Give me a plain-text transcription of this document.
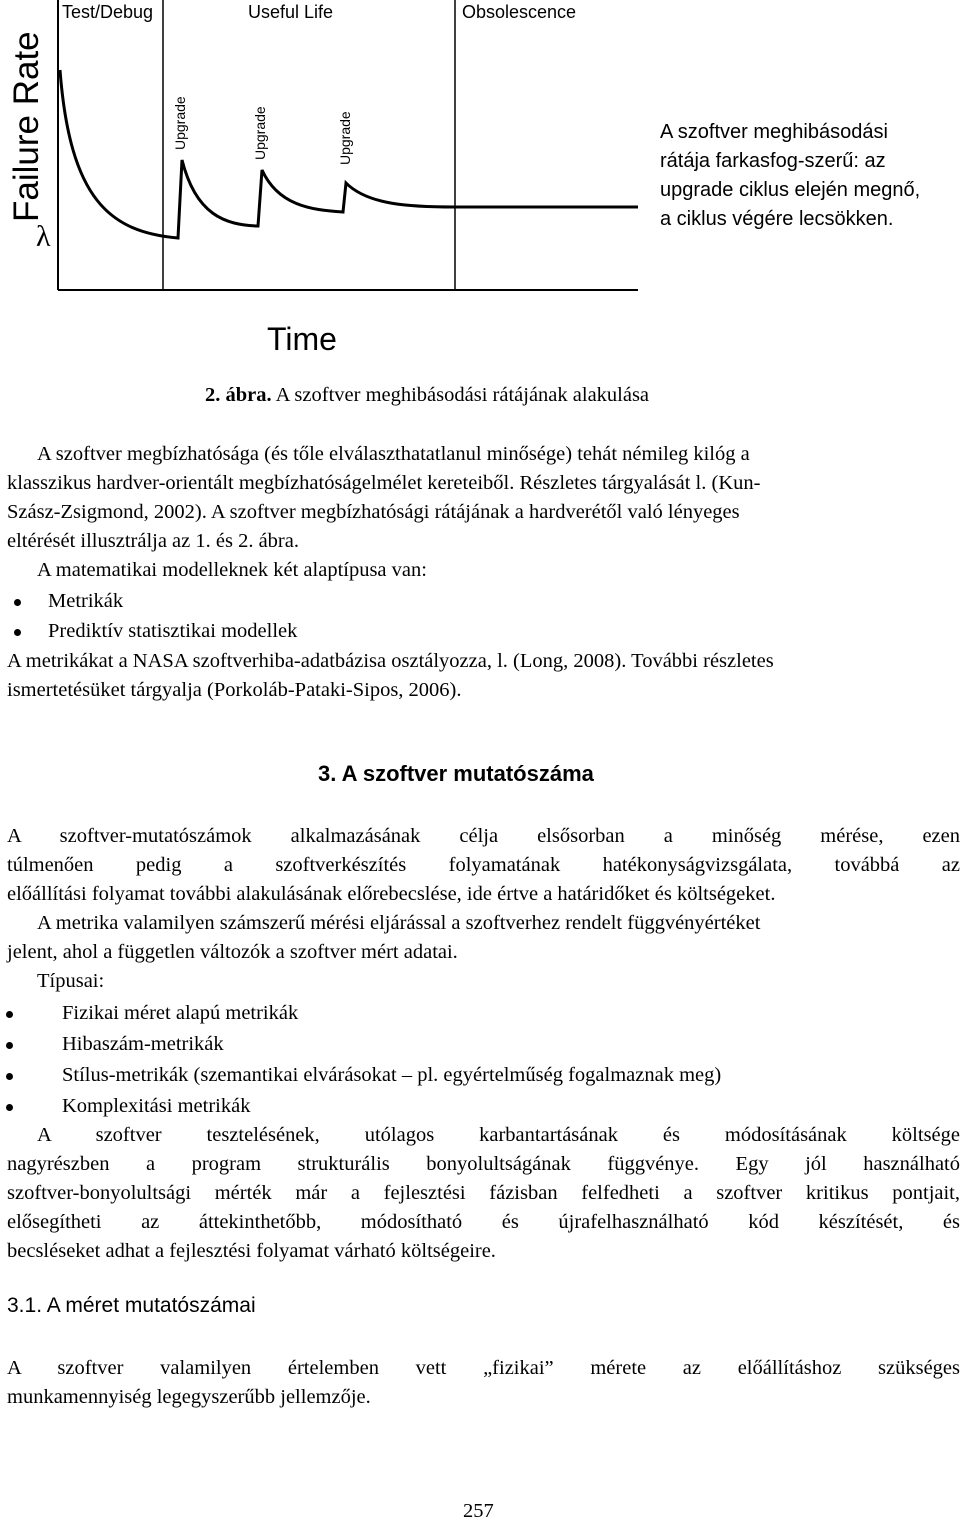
Test/Debug	Useful Life	Obsolescence
Failure Rate
λ
Time
Upgrade	Upgrade	Upgrade	A szoftver meghibásodási
rátája farkasfog-szerű: az
upgrade ciklus elején megnő,
a ciklus végére lecsökken.
2. ábra. A szoftver meghibásodási rátájának alakulása
A szoftver megbízhatósága (és tőle elválaszthatatlanul minősége) tehát némileg kilóg a
klasszikus hardver-orientált megbízhatóságelmélet kereteiből. Részletes tárgyalását l. (Kun-
Szász-Zsigmond, 2002). A szoftver megbízhatósági rátájának a hardverétől való lényeges
eltérését illusztrálja az 1. és 2. ábra.
A matematikai modelleknek két alaptípusa van:
Metrikák
Prediktív statisztikai modellek
A metrikákat a NASA szoftverhiba-adatbázisa osztályozza, l. (Long, 2008). További részletes
ismertetésüket tárgyalja (Porkoláb-Pataki-Sipos, 2006).
3. A szoftver mutatószáma
A szoftver-mutatószámok alkalmazásának célja elsősorban a minőség mérése, ezen
túlmenően pedig a szoftverkészítés folyamatának hatékonyságvizsgálata, továbbá az
előállítási folyamat további alakulásának előrebecslése, ide értve a határidőket és költségeket.
A metrika valamilyen számszerű mérési eljárással a szoftverhez rendelt függvényértéket
jelent, ahol a független változók a szoftver mért adatai.
Típusai:
Fizikai méret alapú metrikák
Hibaszám-metrikák
Stílus-metrikák (szemantikai elvárásokat – pl. egyértelműség fogalmaznak meg)
Komplexitási metrikák
A szoftver tesztelésének, utólagos karbantartásának és módosításának költsége
nagyrészben a program strukturális bonyolultságának függvénye. Egy jól használható
szoftver-bonyolultsági mérték már a fejlesztési fázisban felfedheti a szoftver kritikus pontjait,
elősegítheti az áttekinthetőbb, módosítható és újrafelhasználható kód készítését, és
becsléseket adhat a fejlesztési folyamat várható költségeire.
3.1. A méret mutatószámai
A szoftver valamilyen értelemben vett „fizikai” mérete az előállításhoz szükséges
munkamennyiség legegyszerűbb jellemzője.
257
